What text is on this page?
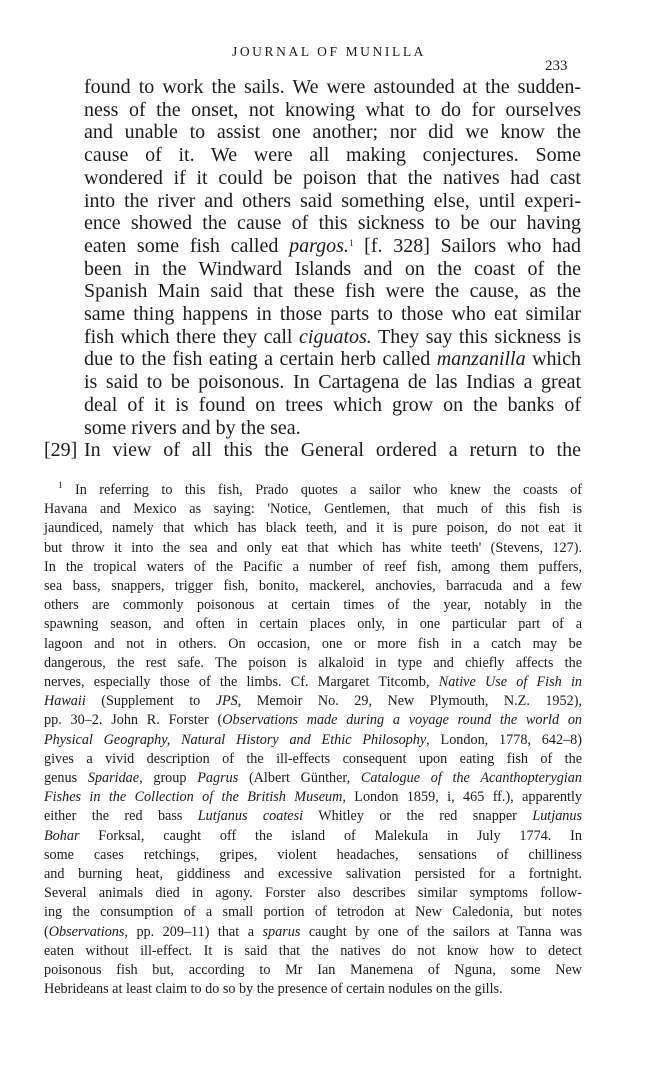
JOURNAL OF MUNILLA
233
found to work the sails. We were astounded at the sudden-
ness of the onset, not knowing what to do for ourselves
and unable to assist one another; nor did we know the
cause of it. We were all making conjectures. Some
wondered if it could be poison that the natives had cast
into the river and others said something else, until experi-
ence showed the cause of this sickness to be our having
eaten some fish called pargos.$^1$ [f. 328] Sailors who had
been in the Windward Islands and on the coast of the
Spanish Main said that these fish were the cause, as the
same thing happens in those parts to those who eat similar
fish which there they call ciguatos. They say this sickness is
due to the fish eating a certain herb called manzanilla which
is said to be poisonous. In Cartagena de las Indias a great
deal of it is found on trees which grow on the banks of
some rivers and by the sea.
[29] In view of all this the General ordered a return to the
$^1$ In referring to this fish, Prado quotes a sailor who knew the coasts of
Havana and Mexico as saying: 'Notice, Gentlemen, that much of this fish is
jaundiced, namely that which has black teeth, and it is pure poison, do not eat it
but throw it into the sea and only eat that which has white teeth' (Stevens, 127).
In the tropical waters of the Pacific a number of reef fish, among them puffers,
sea bass, snappers, trigger fish, bonito, mackerel, anchovies, barracuda and a few
others are commonly poisonous at certain times of the year, notably in the
spawning season, and often in certain places only, in one particular part of a
lagoon and not in others. On occasion, one or more fish in a catch may be
dangerous, the rest safe. The poison is alkaloid in type and chiefly affects the
nerves, especially those of the limbs. Cf. Margaret Titcomb, Native Use of Fish in
Hawaii (Supplement to JPS, Memoir No. 29, New Plymouth, N.Z. 1952),
pp. 30–2. John R. Forster (Observations made during a voyage round the world on
Physical Geography, Natural History and Ethic Philosophy, London, 1778, 642–8)
gives a vivid description of the ill-effects consequent upon eating fish of the
genus Sparidae, group Pagrus (Albert Günther, Catalogue of the Acanthopterygian
Fishes in the Collection of the British Museum, London 1859, i, 465 ff.), apparently
either the red bass Lutjanus coatesi Whitley or the red snapper Lutjanus
Bohar Forksal, caught off the island of Malekula in July 1774. In
some cases retchings, gripes, violent headaches, sensations of chilliness
and burning heat, giddiness and excessive salivation persisted for a fortnight.
Several animals died in agony. Forster also describes similar symptoms follow-
ing the consumption of a small portion of tetrodon at New Caledonia, but notes
(Observations, pp. 209–11) that a sparus caught by one of the sailors at Tanna was
eaten without ill-effect. It is said that the natives do not know how to detect
poisonous fish but, according to Mr Ian Manemena of Nguna, some New
Hebrideans at least claim to do so by the presence of certain nodules on the gills.
